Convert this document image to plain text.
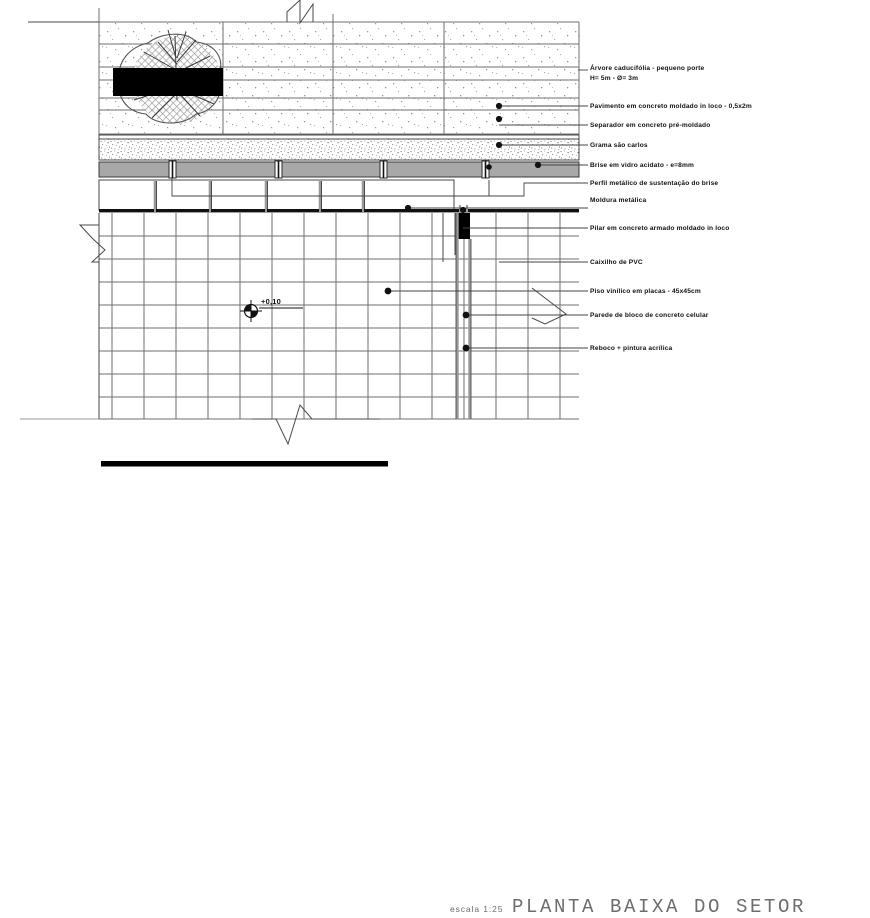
Árvore caducifólia - pequeno porte
H= 5m - Ø= 3m
Pavimento em concreto moldado in loco - 0,5x2m
Separador em concreto pré-moldado
Grama são carlos
Brise em vidro acidato - e=8mm
Perfil metálico de sustentação do brise
Moldura metálica
Pilar em concreto armado moldado in loco
Caixilho de PVC
Piso vinílico em placas - 45x45cm
Parede de bloco de concreto celular
Reboco + pintura acrílica
+0,10
escala 1:25 PLANTA BAIXA DO SETOR
